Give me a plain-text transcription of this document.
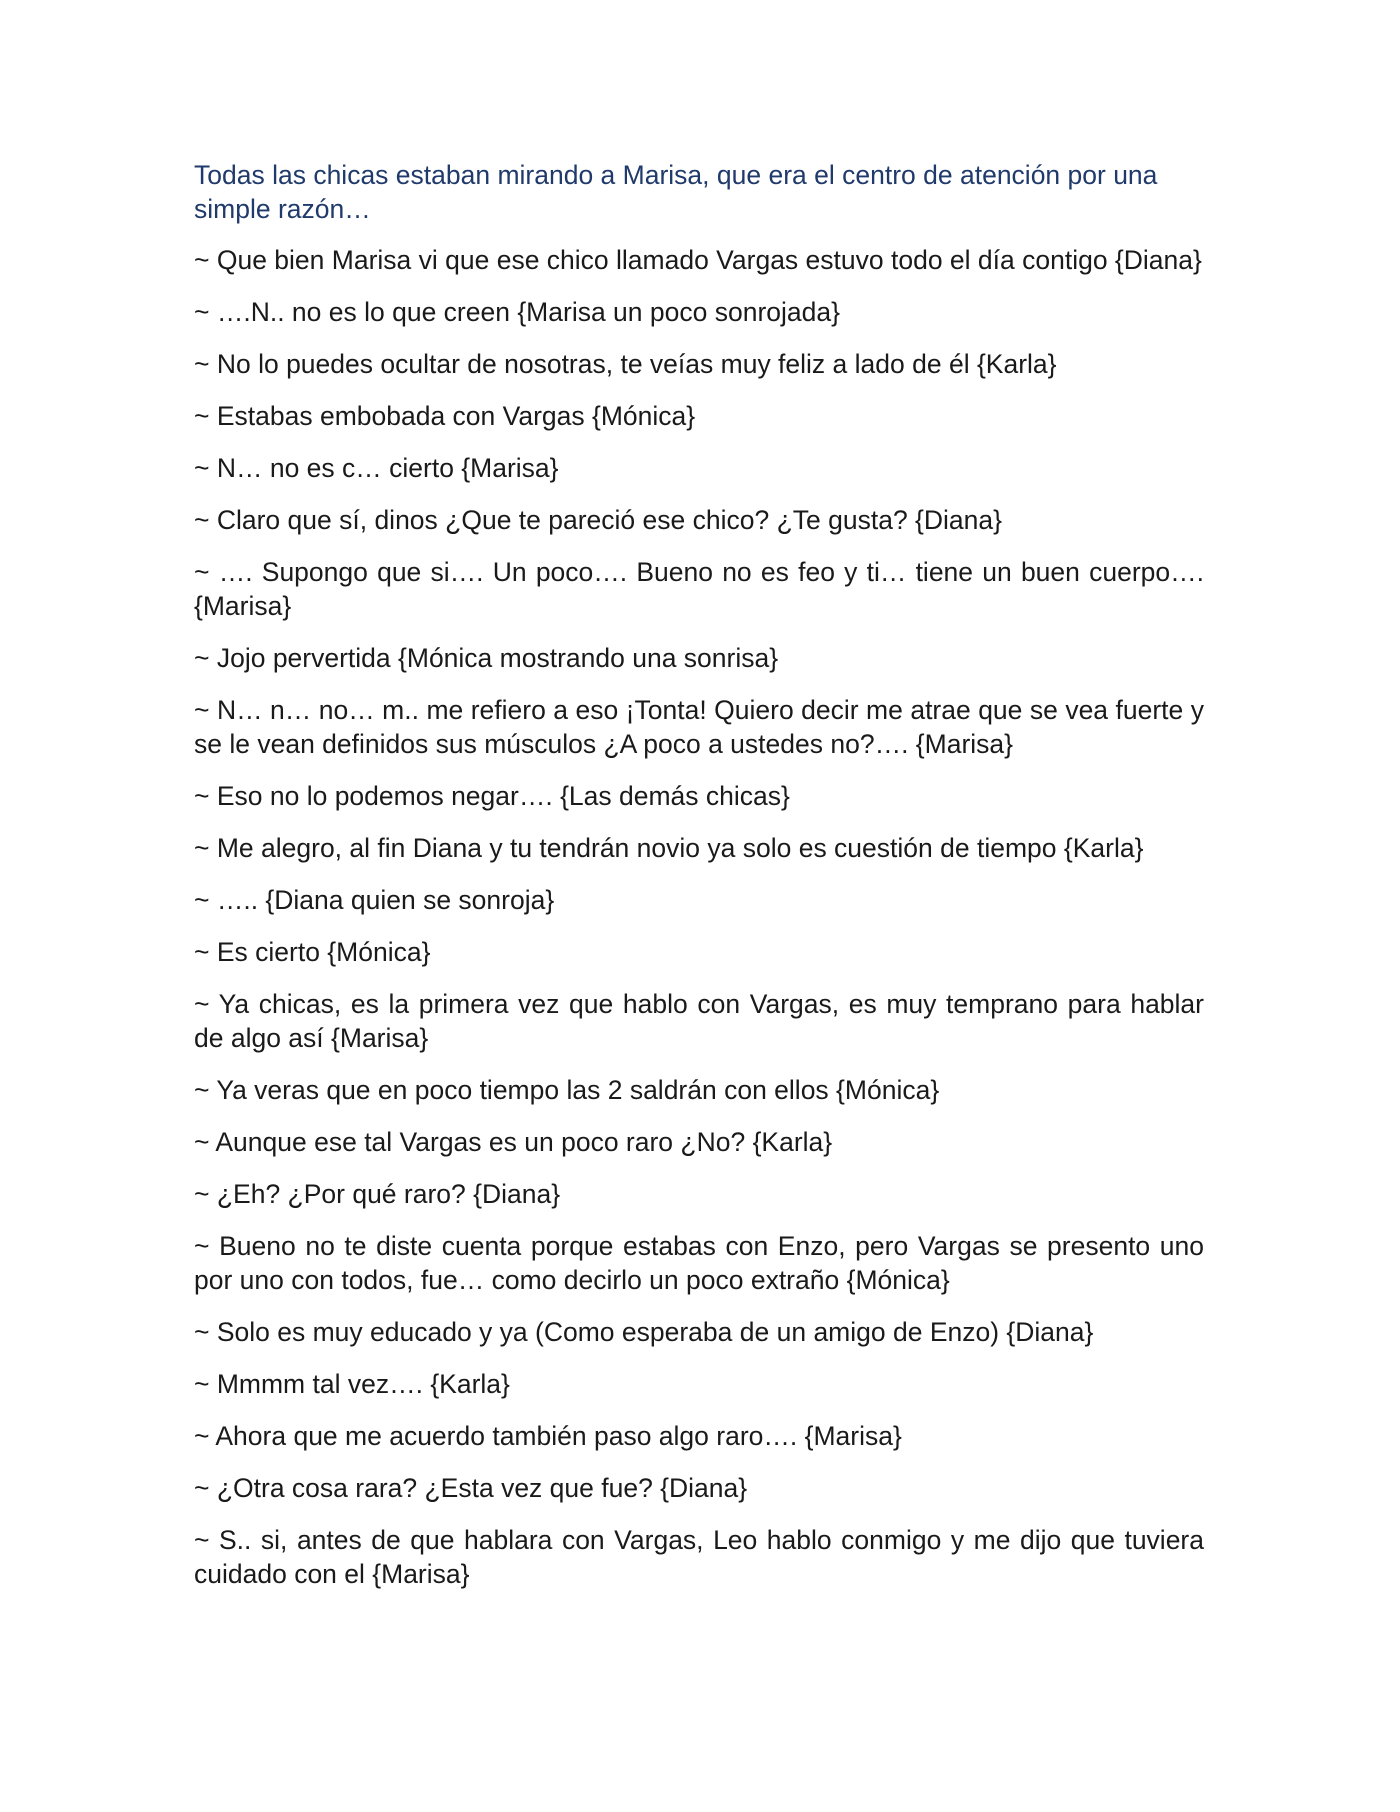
Todas las chicas estaban mirando a Marisa, que era el centro de atención por una simple razón…

~ Que bien Marisa vi que ese chico llamado Vargas estuvo todo el día contigo {Diana}

~ ….N.. no es lo que creen {Marisa un poco sonrojada}

~ No lo puedes ocultar de nosotras, te veías muy feliz a lado de él {Karla}

~ Estabas embobada con Vargas {Mónica}

~ N… no es c… cierto {Marisa}

~ Claro que sí, dinos ¿Que te pareció ese chico? ¿Te gusta? {Diana}

~ …. Supongo que si…. Un poco…. Bueno no es feo y ti… tiene un buen cuerpo…. {Marisa}

~ Jojo pervertida {Mónica mostrando una sonrisa}

~ N… n… no… m.. me refiero a eso ¡Tonta! Quiero decir me atrae que se vea fuerte y se le vean definidos sus músculos ¿A poco a ustedes no?…. {Marisa}

~ Eso no lo podemos negar…. {Las demás chicas}

~ Me alegro, al fin Diana y tu tendrán novio ya solo es cuestión de tiempo {Karla}

~ ….. {Diana quien se sonroja}

~ Es cierto {Mónica}

~ Ya chicas, es la primera vez que hablo con Vargas, es muy temprano para hablar de algo así {Marisa}

~ Ya veras que en poco tiempo las 2 saldrán con ellos {Mónica}

~ Aunque ese tal Vargas es un poco raro ¿No? {Karla}

~ ¿Eh? ¿Por qué raro? {Diana}

~ Bueno no te diste cuenta porque estabas con Enzo, pero Vargas se presento uno por uno con todos, fue… como decirlo un poco extraño {Mónica}

~ Solo es muy educado y ya (Como esperaba de un amigo de Enzo) {Diana}

~ Mmmm tal vez…. {Karla}

~ Ahora que me acuerdo también paso algo raro…. {Marisa}

~ ¿Otra cosa rara? ¿Esta vez que fue? {Diana}

~ S.. si, antes de que hablara con Vargas, Leo hablo conmigo y me dijo que tuviera cuidado con el {Marisa}
